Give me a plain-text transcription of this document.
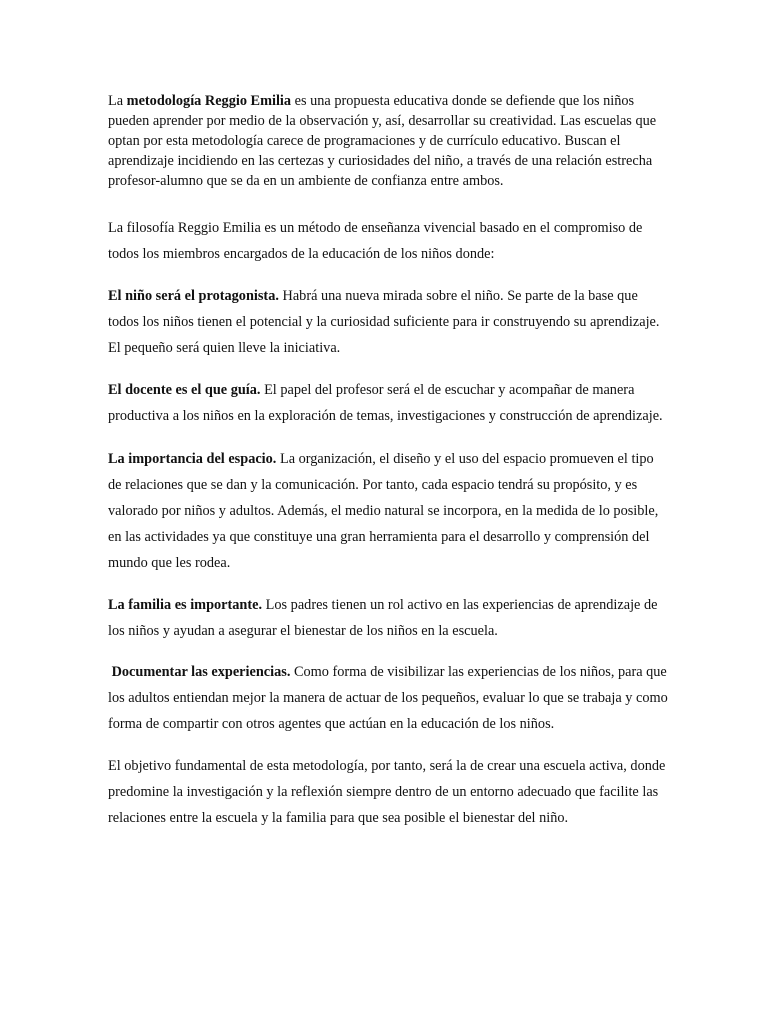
La metodología Reggio Emilia es una propuesta educativa donde se defiende que los niños pueden aprender por medio de la observación y, así, desarrollar su creatividad. Las escuelas que optan por esta metodología carece de programaciones y de currículo educativo. Buscan el aprendizaje incidiendo en las certezas y curiosidades del niño, a través de una relación estrecha profesor-alumno que se da en un ambiente de confianza entre ambos.

La filosofía Reggio Emilia es un método de enseñanza vivencial basado en el compromiso de todos los miembros encargados de la educación de los niños donde:

El niño será el protagonista. Habrá una nueva mirada sobre el niño. Se parte de la base que todos los niños tienen el potencial y la curiosidad suficiente para ir construyendo su aprendizaje. El pequeño será quien lleve la iniciativa.

El docente es el que guía. El papel del profesor será el de escuchar y acompañar de manera productiva a los niños en la exploración de temas, investigaciones y construcción de aprendizaje.

La importancia del espacio. La organización, el diseño y el uso del espacio promueven el tipo de relaciones que se dan y la comunicación. Por tanto, cada espacio tendrá su propósito, y es valorado por niños y adultos. Además, el medio natural se incorpora, en la medida de lo posible, en las actividades ya que constituye una gran herramienta para el desarrollo y comprensión del mundo que les rodea.

La familia es importante. Los padres tienen un rol activo en las experiencias de aprendizaje de los niños y ayudan a asegurar el bienestar de los niños en la escuela.

Documentar las experiencias. Como forma de visibilizar las experiencias de los niños, para que los adultos entiendan mejor la manera de actuar de los pequeños, evaluar lo que se trabaja y como forma de compartir con otros agentes que actúan en la educación de los niños.

El objetivo fundamental de esta metodología, por tanto, será la de crear una escuela activa, donde predomine la investigación y la reflexión siempre dentro de un entorno adecuado que facilite las relaciones entre la escuela y la familia para que sea posible el bienestar del niño.
